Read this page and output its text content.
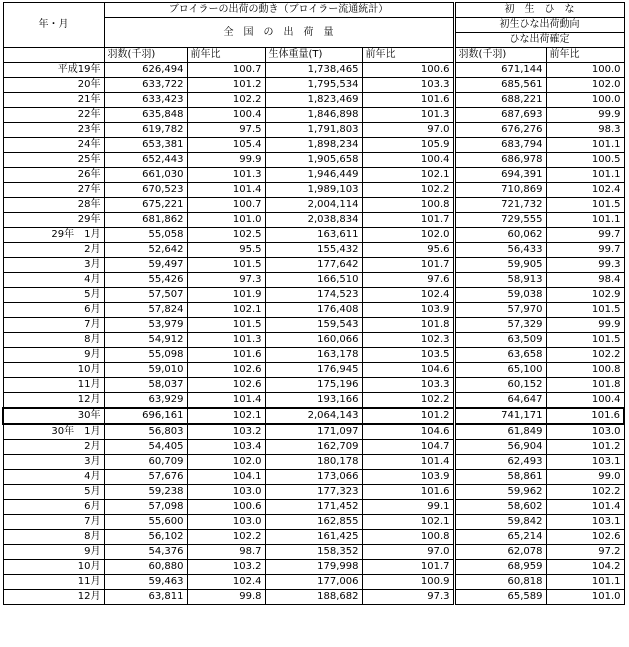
年・月	ブロイラーの出荷の動き（ブロイラー流通統計）				初　生　ひ　な	
	全　国　の　出　荷　量				初生ひな出荷動向	
					ひな出荷確定	
	羽数(千羽)	前年比	生体重量(T)	前年比	羽数(千羽)	前年比
平成19年	626,494	100.7	1,738,465	100.6	671,144	100.0
20年	633,722	101.2	1,795,534	103.3	685,561	102.0
21年	633,423	102.2	1,823,469	101.6	688,221	100.0
22年	635,848	100.4	1,846,898	101.3	687,693	99.9
23年	619,782	97.5	1,791,803	97.0	676,276	98.3
24年	653,381	105.4	1,898,234	105.9	683,794	101.1
25年	652,443	99.9	1,905,658	100.4	686,978	100.5
26年	661,030	101.3	1,946,449	102.1	694,391	101.1
27年	670,523	101.4	1,989,103	102.2	710,869	102.4
28年	675,221	100.7	2,004,114	100.8	721,732	101.5
29年	681,862	101.0	2,038,834	101.7	729,555	101.1
29年　1月	55,058	102.5	163,611	102.0	60,062	99.7
2月	52,642	95.5	155,432	95.6	56,433	99.7
3月	59,497	101.5	177,642	101.7	59,905	99.3
4月	55,426	97.3	166,510	97.6	58,913	98.4
5月	57,507	101.9	174,523	102.4	59,038	102.9
6月	57,824	102.1	176,408	103.9	57,970	101.5
7月	53,979	101.5	159,543	101.8	57,329	99.9
8月	54,912	101.3	160,066	102.3	63,509	101.5
9月	55,098	101.6	163,178	103.5	63,658	102.2
10月	59,010	102.6	176,945	104.6	65,100	100.8
11月	58,037	102.6	175,196	103.3	60,152	101.8
12月	63,929	101.4	193,166	102.2	64,647	100.4
30年	696,161	102.1	2,064,143	101.2	741,171	101.6
30年　1月	56,803	103.2	171,097	104.6	61,849	103.0
2月	54,405	103.4	162,709	104.7	56,904	101.2
3月	60,709	102.0	180,178	101.4	62,493	103.1
4月	57,676	104.1	173,066	103.9	58,861	99.0
5月	59,238	103.0	177,323	101.6	59,962	102.2
6月	57,098	100.6	171,452	99.1	58,602	101.4
7月	55,600	103.0	162,855	102.1	59,842	103.1
8月	56,102	102.2	161,425	100.8	65,214	102.6
9月	54,376	98.7	158,352	97.0	62,078	97.2
10月	60,880	103.2	179,998	101.7	68,959	104.2
11月	59,463	102.4	177,006	100.9	60,818	101.1
12月	63,811	99.8	188,682	97.3	65,589	101.0
